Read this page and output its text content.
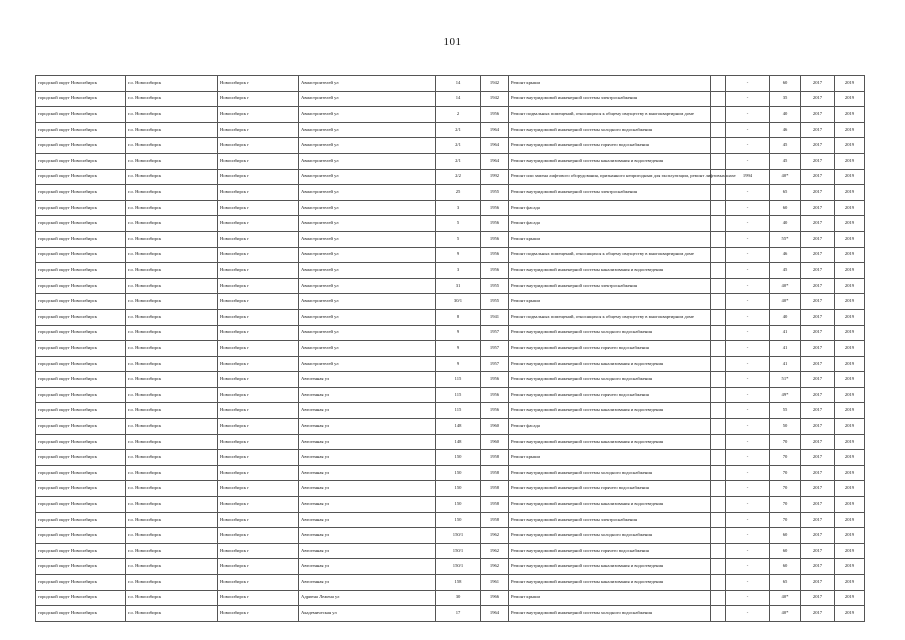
101
городской округ Новосибирск	г.о. Новосибирск	Новосибирск г	Авиастроителей ул	14	1942	Ремонт крыши		-	60	2017	2019
городской округ Новосибирск	г.о. Новосибирск	Новосибирск г	Авиастроителей ул	14	1942	Ремонт внутридомовой инженерной системы электроснабжения		-	35	2017	2019
городской округ Новосибирск	г.о. Новосибирск	Новосибирск г	Авиастроителей ул	2	1956	Ремонт подвальных помещений, относящихся к общему имуществу в многоквартирном доме		-	40	2017	2019
городской округ Новосибирск	г.о. Новосибирск	Новосибирск г	Авиастроителей ул	2/1	1964	Ремонт внутридомовой инженерной системы холодного водоснабжения		-	46	2017	2019
городской округ Новосибирск	г.о. Новосибирск	Новосибирск г	Авиастроителей ул	2/1	1964	Ремонт внутридомовой инженерной системы горячего водоснабжения		-	45	2017	2019
городской округ Новосибирск	г.о. Новосибирск	Новосибирск г	Авиастроителей ул	2/1	1964	Ремонт внутридомовой инженерной системы канализования и водоотведения		-	45	2017	2019
городской округ Новосибирск	г.о. Новосибирск	Новосибирск г	Авиастроителей ул	2/2	1992	Ремонт или замена лифтового оборудования, признанного непригодным для эксплуатации, ремонт лифтовых шахт		1994	40*	2017	2019
городской округ Новосибирск	г.о. Новосибирск	Новосибирск г	Авиастроителей ул	25	1955	Ремонт внутридомовой инженерной системы электроснабжения		-	65	2017	2019
городской округ Новосибирск	г.о. Новосибирск	Новосибирск г	Авиастроителей ул	3	1956	Ремонт фасада		-	60	2017	2019
городской округ Новосибирск	г.о. Новосибирск	Новосибирск г	Авиастроителей ул	5	1956	Ремонт фасада		-	40	2017	2019
городской округ Новосибирск	г.о. Новосибирск	Новосибирск г	Авиастроителей ул	5	1956	Ремонт крыши		-	55*	2017	2019
городской округ Новосибирск	г.о. Новосибирск	Новосибирск г	Авиастроителей ул	9	1956	Ремонт подвальных помещений, относящихся к общему имуществу в многоквартирном доме		-	46	2017	2019
городской округ Новосибирск	г.о. Новосибирск	Новосибирск г	Авиастроителей ул	3	1956	Ремонт внутридомовой инженерной системы канализования и водоотведения		-	45	2017	2019
городской округ Новосибирск	г.о. Новосибирск	Новосибирск г	Авиастроителей ул	31	1955	Ремонт внутридомовой инженерной системы электроснабжения		-	40*	2017	2019
городской округ Новосибирск	г.о. Новосибирск	Новосибирск г	Авиастроителей ул	30/1	1955	Ремонт крыши		-	40*	2017	2019
городской округ Новосибирск	г.о. Новосибирск	Новосибирск г	Авиастроителей ул	8	1941	Ремонт подвальных помещений, относящихся к общему имуществу в многоквартирном доме		-	40	2017	2019
городской округ Новосибирск	г.о. Новосибирск	Новосибирск г	Авиастроителей ул	9	1957	Ремонт внутридомовой инженерной системы холодного водоснабжения		-	41	2017	2019
городской округ Новосибирск	г.о. Новосибирск	Новосибирск г	Авиастроителей ул	9	1957	Ремонт внутридомовой инженерной системы горячего водоснабжения		-	41	2017	2019
городской округ Новосибирск	г.о. Новосибирск	Новосибирск г	Авиастроителей ул	9	1957	Ремонт внутридомовой инженерной системы канализования и водоотведения		-	41	2017	2019
городской округ Новосибирск	г.о. Новосибирск	Новосибирск г	Автогенная ул	115	1956	Ремонт внутридомовой инженерной системы холодного водоснабжения		-	51*	2017	2019
городской округ Новосибирск	г.о. Новосибирск	Новосибирск г	Автогенная ул	115	1956	Ремонт внутридомовой инженерной системы горячего водоснабжения		-	49*	2017	2019
городской округ Новосибирск	г.о. Новосибирск	Новосибирск г	Автогенная ул	115	1956	Ремонт внутридомовой инженерной системы канализования и водоотведения		-	55	2017	2019
городской округ Новосибирск	г.о. Новосибирск	Новосибирск г	Автогенная ул	148	1960	Ремонт фасада		-	50	2017	2019
городской округ Новосибирск	г.о. Новосибирск	Новосибирск г	Автогенная ул	148	1960	Ремонт внутридомовой инженерной системы канализования и водоотведения		-	70	2017	2019
городской округ Новосибирск	г.о. Новосибирск	Новосибирск г	Автогенная ул	150	1958	Ремонт крыши		-	70	2017	2019
городской округ Новосибирск	г.о. Новосибирск	Новосибирск г	Автогенная ул	150	1958	Ремонт внутридомовой инженерной системы холодного водоснабжения		-	70	2017	2019
городской округ Новосибирск	г.о. Новосибирск	Новосибирск г	Автогенная ул	150	1958	Ремонт внутридомовой инженерной системы горячего водоснабжения		-	70	2017	2019
городской округ Новосибирск	г.о. Новосибирск	Новосибирск г	Автогенная ул	150	1958	Ремонт внутридомовой инженерной системы канализования и водоотведения		-	70	2017	2019
городской округ Новосибирск	г.о. Новосибирск	Новосибирск г	Автогенная ул	150	1958	Ремонт внутридомовой инженерной системы электроснабжения		-	70	2017	2019
городской округ Новосибирск	г.о. Новосибирск	Новосибирск г	Автогенная ул	150/1	1962	Ремонт внутридомовой инженерной системы холодного водоснабжения		-	60	2017	2019
городской округ Новосибирск	г.о. Новосибирск	Новосибирск г	Автогенная ул	150/1	1962	Ремонт внутридомовой инженерной системы горячего водоснабжения		-	60	2017	2019
городской округ Новосибирск	г.о. Новосибирск	Новосибирск г	Автогенная ул	150/1	1962	Ремонт внутридомовой инженерной системы канализования и водоотведения		-	60	2017	2019
городской округ Новосибирск	г.о. Новосибирск	Новосибирск г	Автогенная ул	158	1961	Ремонт внутридомовой инженерной системы канализования и водоотведения		-	65	2017	2019
городской округ Новосибирск	г.о. Новосибирск	Новосибирск г	Адриена Лежена ул	30	1966	Ремонт крыши		-	40*	2017	2019
городской округ Новосибирск	г.о. Новосибирск	Новосибирск г	Академическая ул	17	1964	Ремонт внутридомовой инженерной системы холодного водоснабжения		-	40*	2017	2019
